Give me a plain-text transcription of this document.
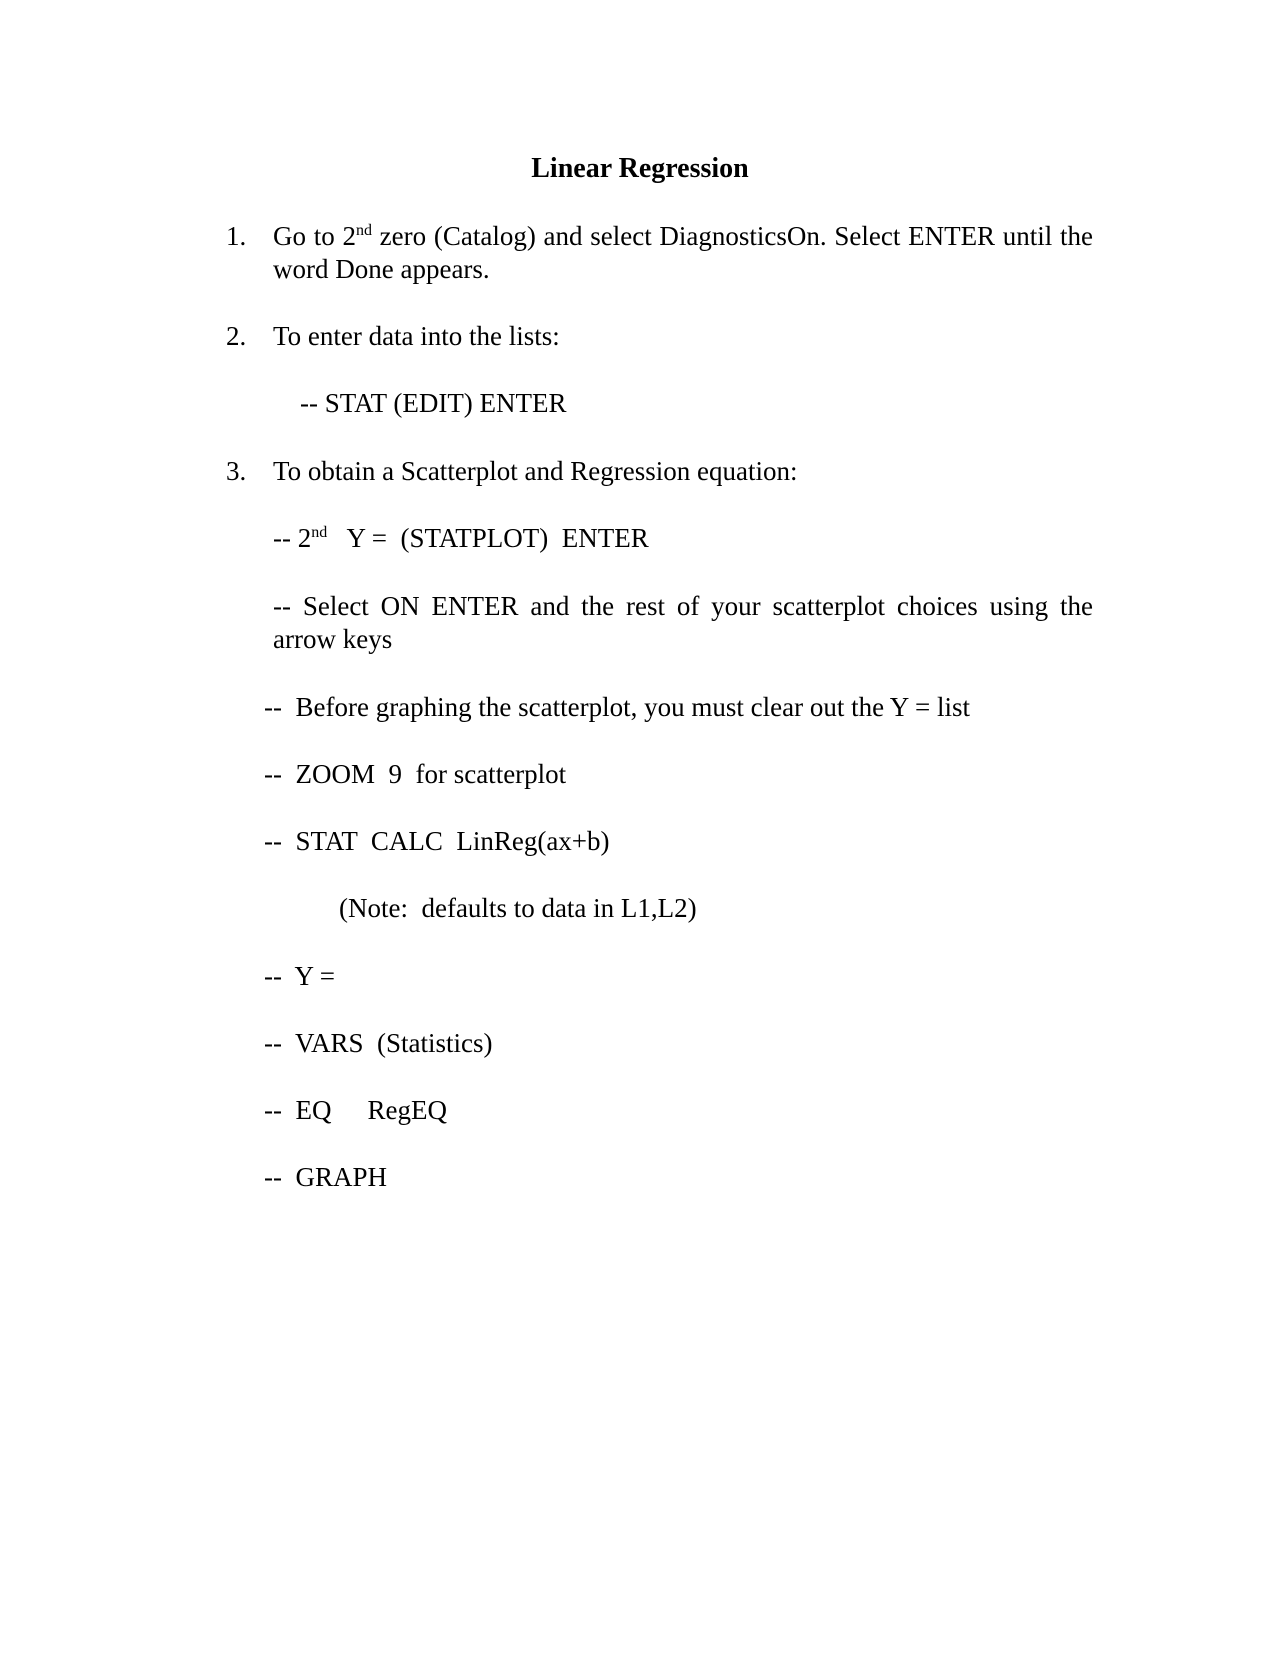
Linear Regression
1. Go to 2nd zero (Catalog) and select DiagnosticsOn. Select ENTER until the word Done appears.
2. To enter data into the lists:
-- STAT (EDIT) ENTER
3. To obtain a Scatterplot and Regression equation:
-- 2nd   Y =  (STATPLOT)  ENTER
-- Select ON ENTER and the rest of your scatterplot choices using the arrow keys
--  Before graphing the scatterplot, you must clear out the Y = list
--  ZOOM  9  for scatterplot
--  STAT  CALC  LinReg(ax+b)
(Note:  defaults to data in L1,L2)
--  Y =
--  VARS  (Statistics)
--  EQ RegEQ
--  GRAPH
